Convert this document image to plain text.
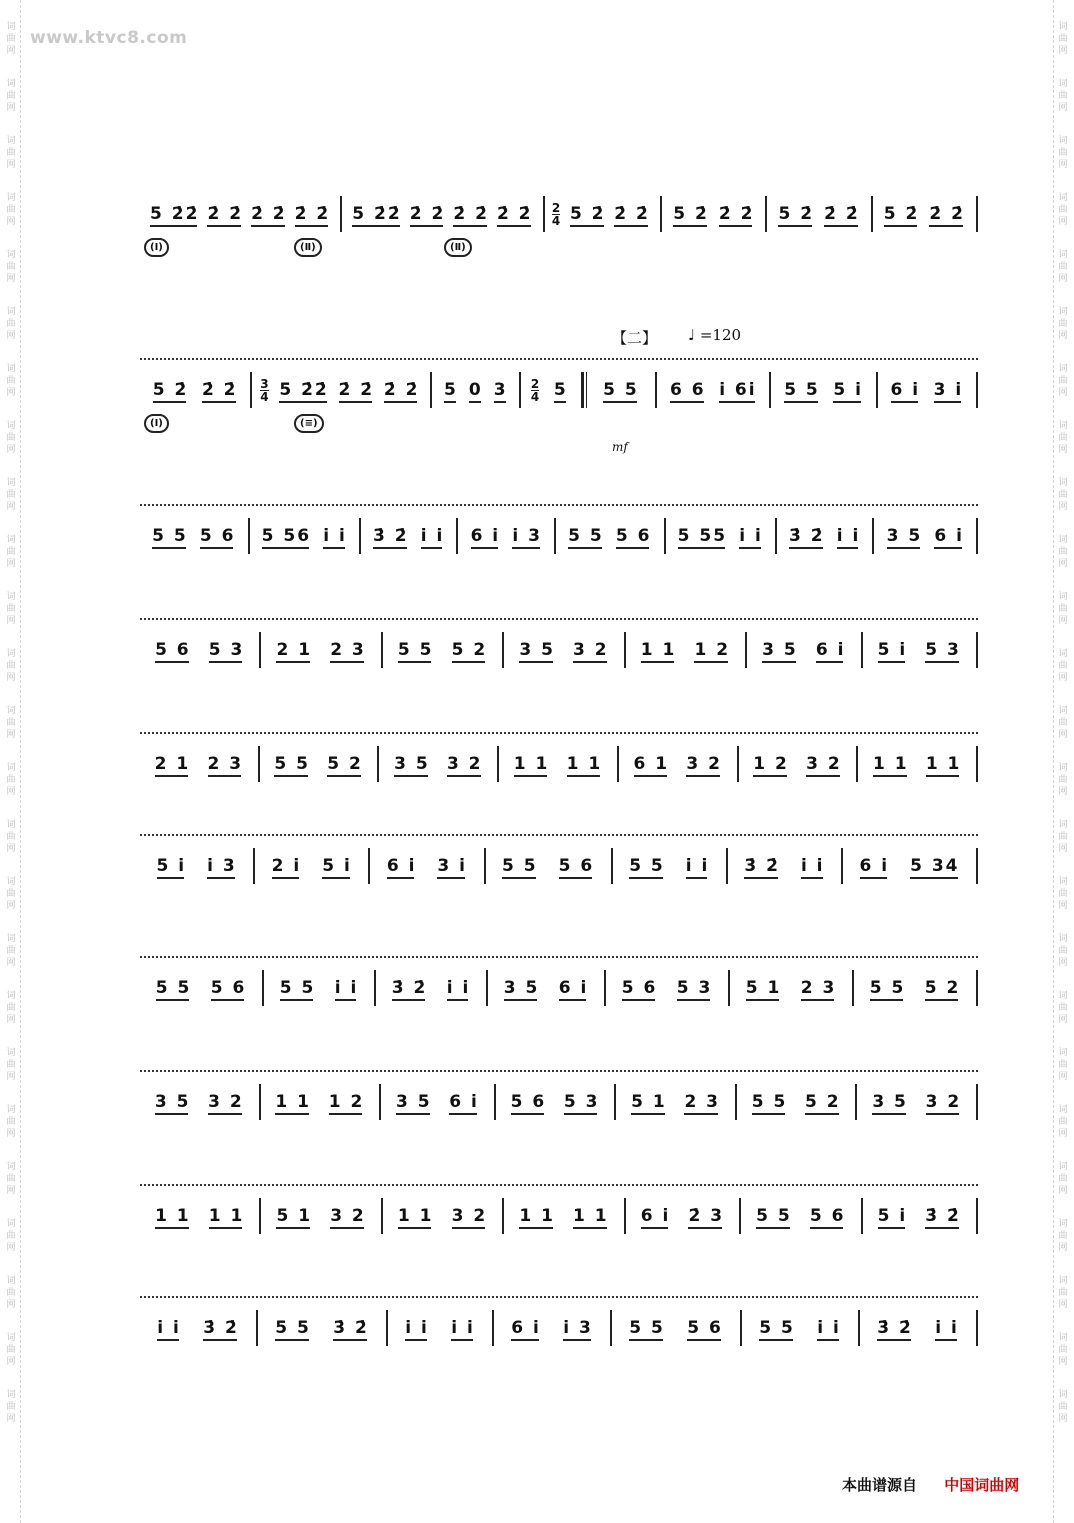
www.ktvc8.com
词
曲
网
词
曲
网
词
曲
网
词
曲
网
词
曲
网
词
曲
网
词
曲
网
词
曲
网
词
曲
网
词
曲
网
词
曲
网
词
曲
网
词
曲
网
词
曲
网
词
曲
网
词
曲
网
词
曲
网
词
曲
网
词
曲
网
词
曲
网
词
曲
网
词
曲
网
词
曲
网
词
曲
网
词
曲
网
词
曲
网
词
曲
网
词
曲
网
词
曲
网
词
曲
网
词
曲
网
词
曲
网
词
曲
网
词
曲
网
词
曲
网
词
曲
网
词
曲
网
词
曲
网
词
曲
网
词
曲
网
词
曲
网
词
曲
网
词
曲
网
词
曲
网
词
曲
网
词
曲
网
词
曲
网
词
曲
网
词
曲
网
词
曲
网
【二】 ♩ =120
mf
5 2̇2̇ 2̇ 2̇ 2̇ 2̇ 2̇ 2̇ 5 2̇2̇ 2̇ 2̇ 2̇ 2̇ 2̇ 2̇ $\frac{2}{4} 5$ 2̇ 2̇ 2̇ 5 2̇ 2̇ 2̇ 5 2̇ 2̇ 2̇ 5 2̇ 2̇ 2̇
(Ⅰ)	(Ⅱ)	(Ⅱ)
5 2̇ 2̇ 2̇ $\frac{3}{4} 5$ 2̇2̇ 2̇ 2̇ 2̇ 2̇ 5 0 $3 \frac{2}{4} 5$ 5 5 6 6 i 6i 5 5 5 i 6 i 3 i
(Ⅰ)	(≡)
5 5 5 6 5 56 i i 3̇ 2̇ i i 6 i i 3 5 5 5 6 5 55 i i 3̇ 2̇ i i 3 5 6 i
5 6 5 3 2 1 2 3 5 5 5 2 3 5 3 2 1 1 1 2 3 5 6 i 5 i 5 3
2 1 2 3 5 5 5 2 3 5 3 2 1 1 1 1 6 1 3 2 1 2 3 2 1 1 1 1
5 i i 3 2 i 5 i 6 i 3 i 5 5 5 6 5 5 i i 3̇ 2̇ i i 6 i 5 34
5 5 5 6 5 5 i i 3̇ 2̇ i i 3 5 6 i 5 6 5 3 5 1 2 3 5 5 5 2
3 5 3 2 1 1 1 2 3 5 6 i 5 6 5 3 5 1 2 3 5 5 5 2 3 5 3 2
1 1 1 1 5 1 3 2 1 1 3 2 1 1 1 1 6 i 2̇ 3 5 5 5 6 5 i 3̇ 2̇
i i 3̇ 2̇ 5 5 3̇ 2̇ i i i i 6 i i 3 5 5 5 6 5 5 i i 3̇ 2̇ i i
本曲谱源自 中国词曲网
